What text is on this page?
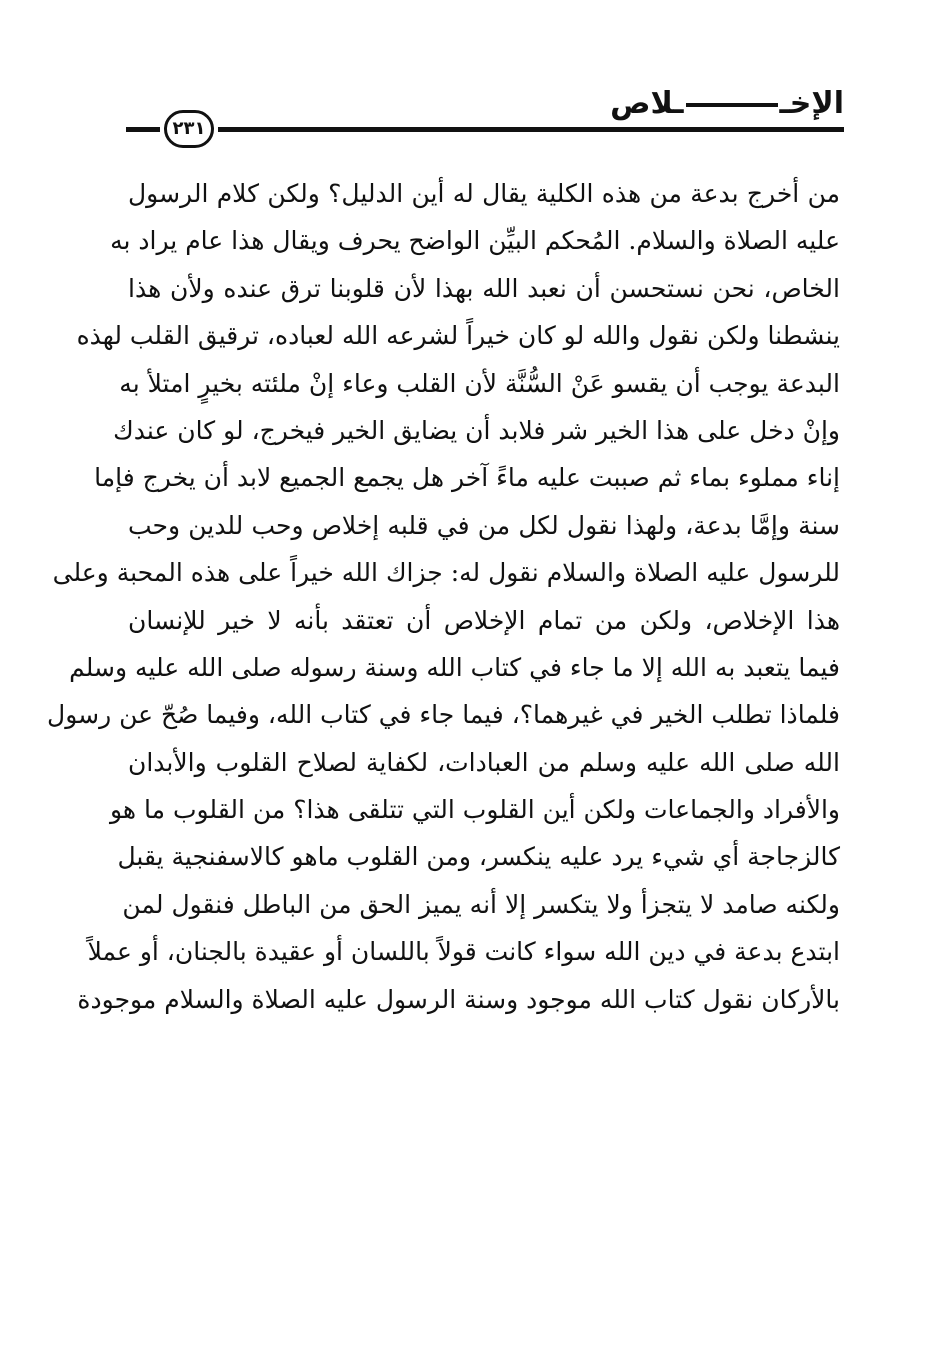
الإخــلاص
٢٣١
من أخرج بدعة من هذه الكلية يقال له أين الدليل؟ ولكن كلام الرسول
عليه الصلاة والسلام. المُحكم البيِّن الواضح يحرف ويقال هذا عام يراد به
الخاص، نحن نستحسن أن نعبد الله بهذا لأن قلوبنا ترق عنده ولأن هذا
ينشطنا ولكن نقول والله لو كان خيراً لشرعه الله لعباده، ترقيق القلب لهذه
البدعة يوجب أن يقسو عَنْ السُّنَّة لأن القلب وعاء إنْ ملئته بخيرٍ امتلأ به
وإنْ دخل على هذا الخير شر فلابد أن يضايق الخير فيخرج، لو كان عندك
إناء مملوء بماء ثم صببت عليه ماءً آخر هل يجمع الجميع لابد أن يخرج فإما
سنة وإمَّا بدعة، ولهذا نقول لكل من في قلبه إخلاص وحب للدين وحب
للرسول عليه الصلاة والسلام نقول له: جزاك الله خيراً على هذه المحبة وعلى
هذا الإخلاص، ولكن من تمام الإخلاص أن تعتقد بأنه لا خير للإنسان
فيما يتعبد به الله إلا ما جاء في كتاب الله وسنة رسوله صلى الله عليه وسلم
فلماذا تطلب الخير في غيرهما؟، فيما جاء في كتاب الله، وفيما صُحّ عن رسول
الله صلى الله عليه وسلم من العبادات، لكفاية لصلاح القلوب والأبدان
والأفراد والجماعات ولكن أين القلوب التي تتلقى هذا؟ من القلوب ما هو
كالزجاجة أي شيء يرد عليه ينكسر، ومن القلوب ماهو كالاسفنجية يقبل
ولكنه صامد لا يتجزأ ولا يتكسر إلا أنه يميز الحق من الباطل فنقول لمن
ابتدع بدعة في دين الله سواء كانت قولاً باللسان أو عقيدة بالجنان، أو عملاً
بالأركان نقول كتاب الله موجود وسنة الرسول عليه الصلاة والسلام موجودة
